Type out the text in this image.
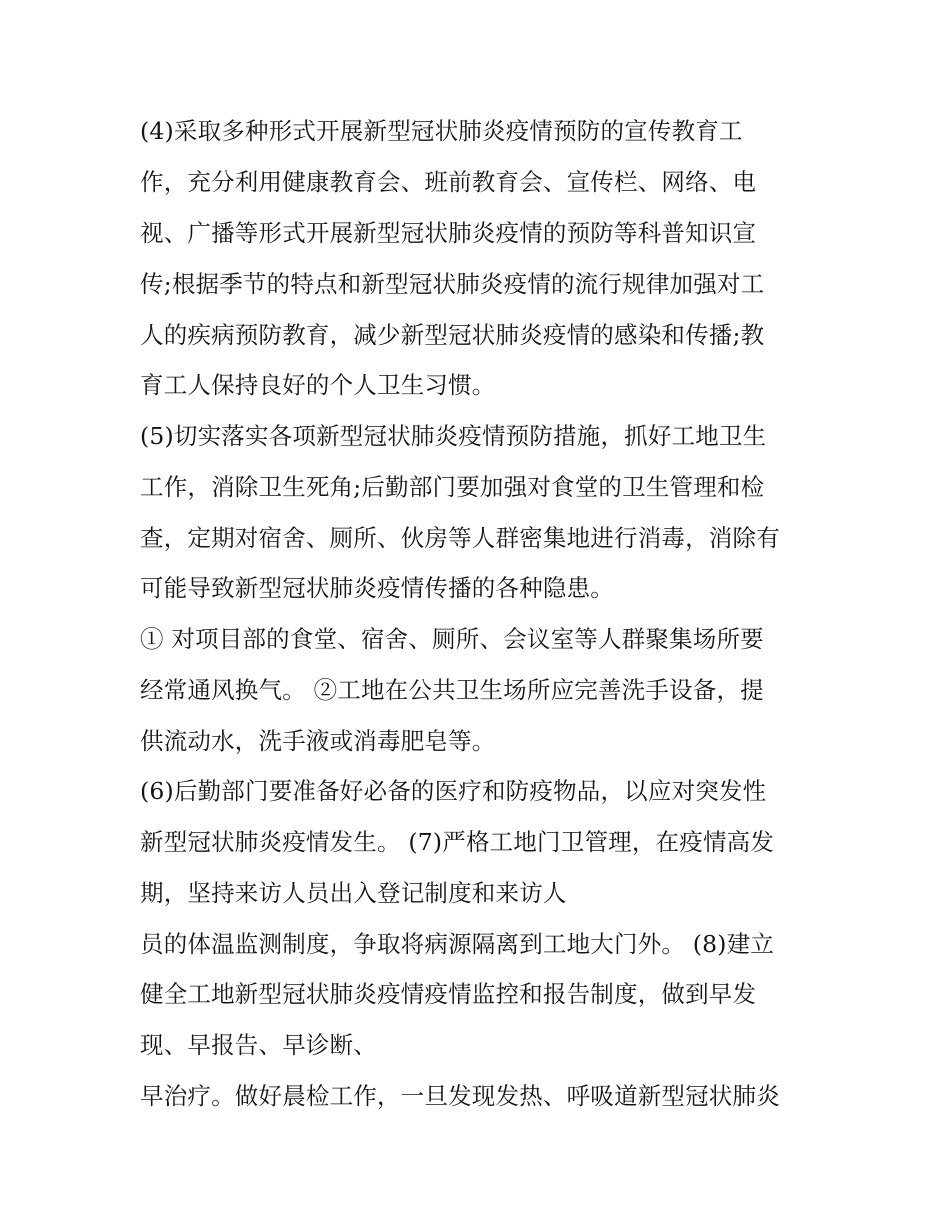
(4)采取多种形式开展新型冠状肺炎疫情预防的宣传教育工
作，充分利用健康教育会、班前教育会、宣传栏、网络、电
视、广播等形式开展新型冠状肺炎疫情的预防等科普知识宣
传;根据季节的特点和新型冠状肺炎疫情的流行规律加强对工
人的疾病预防教育，减少新型冠状肺炎疫情的感染和传播;教
育工人保持良好的个人卫生习惯。
(5)切实落实各项新型冠状肺炎疫情预防措施，抓好工地卫生
工作，消除卫生死角;后勤部门要加强对食堂的卫生管理和检
查，定期对宿舍、厕所、伙房等人群密集地进行消毒，消除有
可能导致新型冠状肺炎疫情传播的各种隐患。
① 对项目部的食堂、宿舍、厕所、会议室等人群聚集场所要
经常通风换气。 ②工地在公共卫生场所应完善洗手设备，提
供流动水，洗手液或消毒肥皂等。
(6)后勤部门要准备好必备的医疗和防疫物品，以应对突发性
新型冠状肺炎疫情发生。 (7)严格工地门卫管理，在疫情高发
期，坚持来访人员出入登记制度和来访人
员的体温监测制度，争取将病源隔离到工地大门外。 (8)建立
健全工地新型冠状肺炎疫情疫情监控和报告制度，做到早发
现、早报告、早诊断、
早治疗。做好晨检工作，一旦发现发热、呼吸道新型冠状肺炎
